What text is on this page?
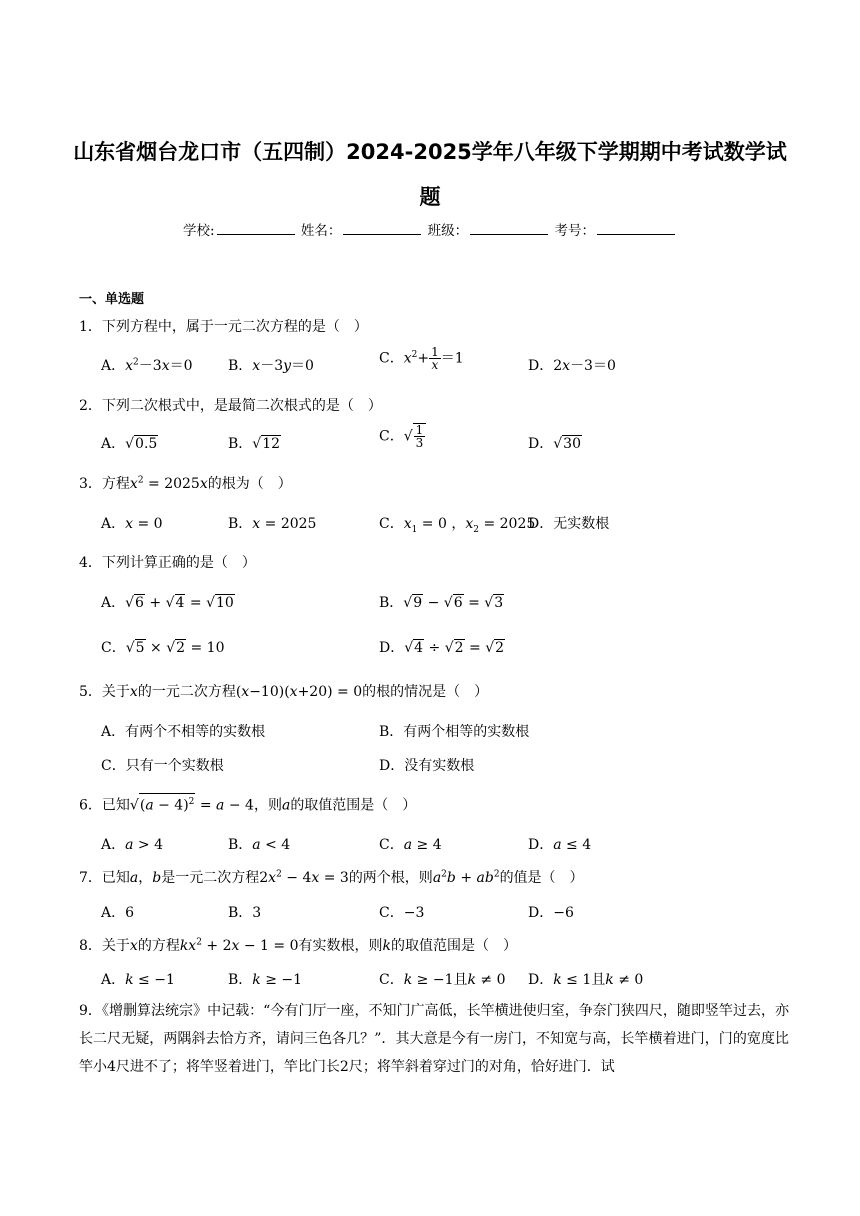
山东省烟台龙口市（五四制）2024-2025学年八年级下学期期中考试数学试
题
学校:	姓名：	班级：	考号：
一、单选题
1．下列方程中，属于一元二次方程的是（　）
A．$x^2-3x=0$	B．x－3y＝0	C．$x^2+ \frac{1}{x} =1$	D．2x－3＝0
2．下列二次根式中，是最简二次根式的是（　）
A．√0.5	B．√12	C．√ $\frac{1}{3}$	D．√30
3．方程$x^2 = 2025x$的根为（　）
A．x = 0	B．x = 2025	C．$x_1 = 0$ ，$x_2 = 2025$
D．无实数根
4．下列计算正确的是（　）
A．√6 + √4 = √10	B．√9 − √6 = √3
C．√5 × √2 = 10	D．√4 ÷ √2 = √2
5．关于x的一元二次方程(x−10)(x+20) = 0的根的情况是（　）
A．有两个不相等的实数根	B．有两个相等的实数根
C．只有一个实数根	D．没有实数根
6．已知$√(a - 4)^2 = a - 4$，则a的取值范围是（　）
A．a > 4	B．a < 4	C．a ≥ 4	D．a ≤ 4
7．已知a，b是一元二次方程$2x^2 - 4x = 3$的两个根，则$a^2b + ab^2$的值是（　）
A．6	B．3	C．−3	D．−6
8．关于x的方程$kx^2 + 2x - 1 = 0$有实数根，则k的取值范围是（　）
A．k ≤ −1	B．k ≥ −1	C．k ≥ −1且k ≠ 0 D．k ≤ 1且k ≠ 0
9．《增删算法统宗》中记载：“今有门厅一座，不知门广高低，长竿横进使归室，争奈门狭四尺，随即竖竿过去，亦长二尺无疑，两隅斜去恰方齐，请问三色各几？”．其大意是今有一房门，不知宽与高，长竿横着进门，门的宽度比竿小4尺进不了；将竿竖着进门，竿比门长2尺；将竿斜着穿过门的对角，恰好进门．试
